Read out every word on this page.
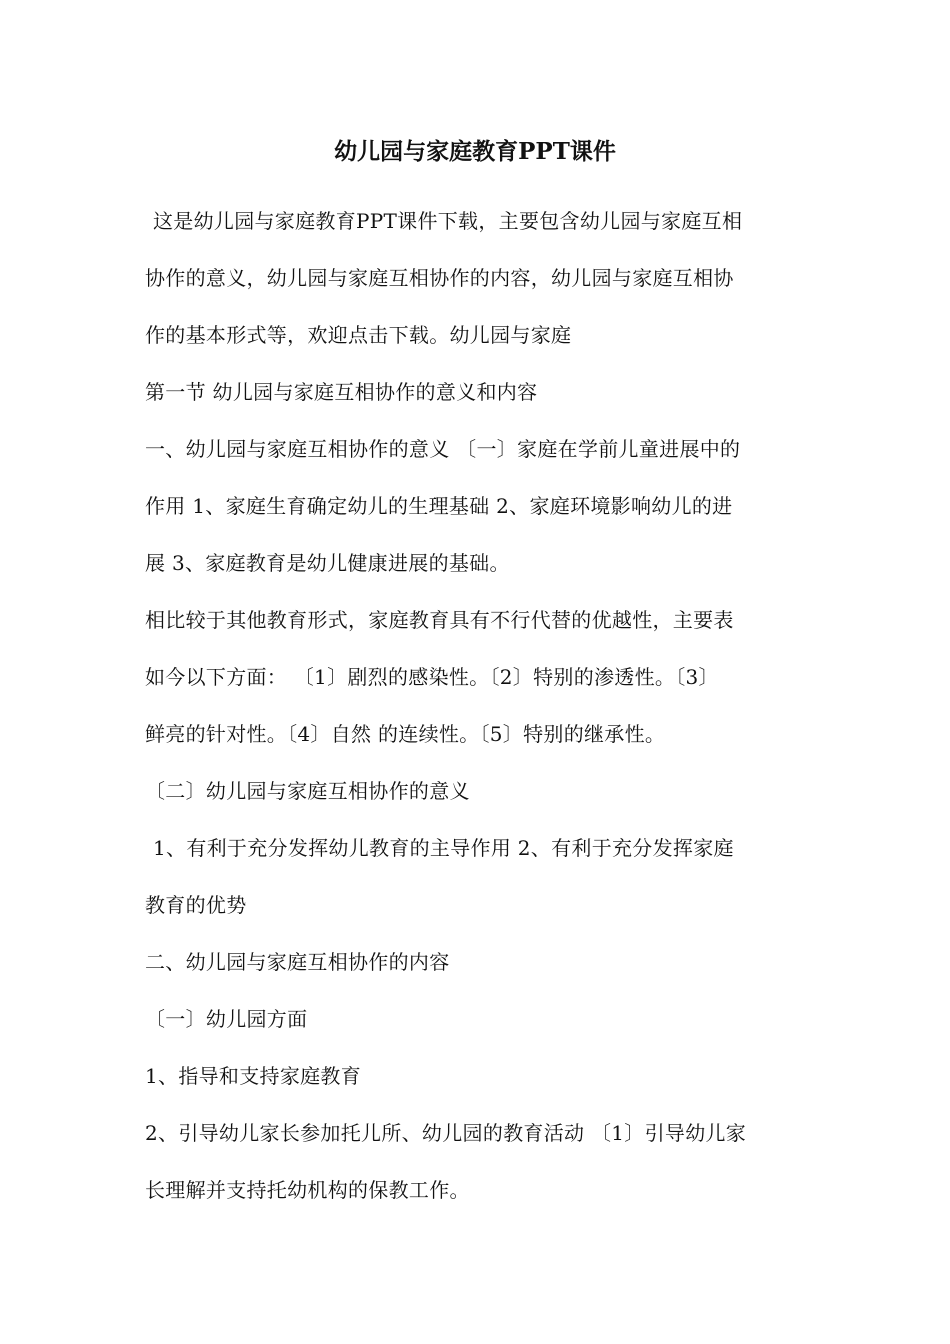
幼儿园与家庭教育PPT课件
这是幼儿园与家庭教育PPT课件下载，主要包含幼儿园与家庭互相
协作的意义，幼儿园与家庭互相协作的内容，幼儿园与家庭互相协
作的基本形式等，欢迎点击下载。幼儿园与家庭
第一节 幼儿园与家庭互相协作的意义和内容
一、幼儿园与家庭互相协作的意义 〔一〕家庭在学前儿童进展中的
作用 1、家庭生育确定幼儿的生理基础 2、家庭环境影响幼儿的进
展 3、家庭教育是幼儿健康进展的基础。
相比较于其他教育形式，家庭教育具有不行代替的优越性，主要表
如今以下方面： 〔1〕剧烈的感染性。〔2〕特别的渗透性。〔3〕
鲜亮的针对性。〔4〕自然 的连续性。〔5〕特别的继承性。
〔二〕幼儿园与家庭互相协作的意义
1、有利于充分发挥幼儿教育的主导作用 2、有利于充分发挥家庭
教育的优势
二、幼儿园与家庭互相协作的内容
〔一〕幼儿园方面
1、指导和支持家庭教育
2、引导幼儿家长参加托儿所、幼儿园的教育活动 〔1〕引导幼儿家
长理解并支持托幼机构的保教工作。
